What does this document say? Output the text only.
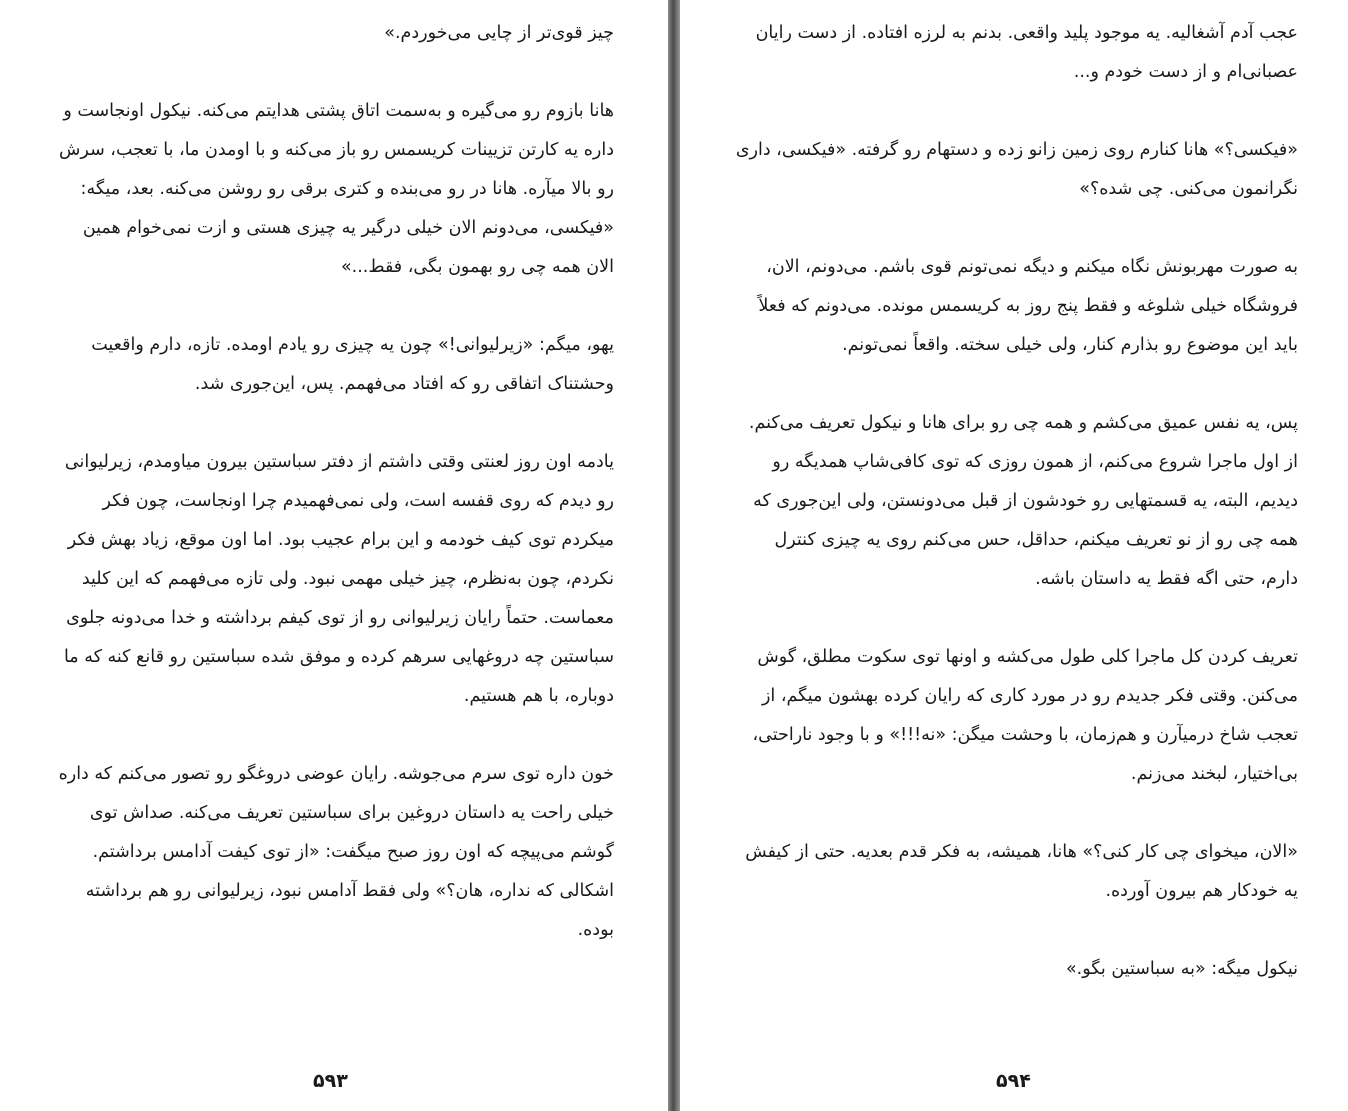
چیز قوی‌تر از چایی می‌خوردم.»

هانا بازوم رو می‌گیره و به‌سمت اتاق پشتی هدایتم می‌کنه. نیکول اونجاست و داره یه کارتن تزیینات کریسمس رو باز می‌کنه و با اومدن ما، با تعجب، سرش رو بالا میآره. هانا در رو می‌بنده و کتری برقی رو روشن می‌کنه. بعد، میگه: «فیکسی، می‌دونم الان خیلی درگیر یه چیزی هستی و ازت نمی‌خوام همین الان همه چی رو بهمون بگی، فقط...»

یهو، میگم: «زیرلیوانی!» چون یه چیزی رو یادم اومده. تازه، دارم واقعیت وحشتناک اتفاقی رو که افتاد می‌فهمم. پس، این‌جوری شد.

یادمه اون روز لعنتی وقتی داشتم از دفتر سباستین بیرون میاومدم، زیرلیوانی رو دیدم که روی قفسه است، ولی نمی‌فهمیدم چرا اونجاست، چون فکر میکردم توی کیف خودمه و این برام عجیب بود. اما اون موقع، زیاد بهش فکر نکردم، چون به‌نظرم، چیز خیلی مهمی نبود. ولی تازه می‌فهمم که این کلید معماست. حتماً رایان زیرلیوانی رو از توی کیفم برداشته و خدا می‌دونه جلوی سباستین چه دروغهایی سرهم کرده و موفق شده سباستین رو قانع کنه که ما دوباره، با هم هستیم.

خون داره توی سرم می‌جوشه. رایان عوضی دروغگو رو تصور می‌کنم که داره خیلی راحت یه داستان دروغین برای سباستین تعریف می‌کنه. صداش توی گوشم می‌پیچه که اون روز صبح میگفت: «از توی کیفت آدامس برداشتم. اشکالی که نداره، هان؟» ولی فقط آدامس نبود، زیرلیوانی رو هم برداشته بوده.

۵۹۳

عجب آدم آشغالیه. یه موجود پلید واقعی. بدنم به لرزه افتاده. از دست رایان عصبانی‌ام و از دست خودم و...

«فیکسی؟» هانا کنارم روی زمین زانو زده و دستهام رو گرفته. «فیکسی، داری نگرانمون می‌کنی. چی شده؟»

به صورت مهربونش نگاه میکنم و دیگه نمی‌تونم قوی باشم. می‌دونم، الان، فروشگاه خیلی شلوغه و فقط پنج روز به کریسمس مونده. می‌دونم که فعلاً باید این موضوع رو بذارم کنار، ولی خیلی سخته. واقعاً نمی‌تونم.

پس، یه نفس عمیق می‌کشم و همه چی رو برای هانا و نیکول تعریف می‌کنم. از اول ماجرا شروع می‌کنم، از همون روزی که توی کافی‌شاپ همدیگه رو دیدیم، البته، یه قسمتهایی رو خودشون از قبل می‌دونستن، ولی این‌جوری که همه چی رو از نو تعریف میکنم، حداقل، حس می‌کنم روی یه چیزی کنترل دارم، حتی اگه فقط یه داستان باشه.

تعریف کردن کل ماجرا کلی طول می‌کشه و اونها توی سکوت مطلق، گوش می‌کنن. وقتی فکر جدیدم رو در مورد کاری که رایان کرده بهشون میگم، از تعجب شاخ درمیآرن و هم‌زمان، با وحشت میگن: «نه!!!» و با وجود ناراحتی، بی‌اختیار، لبخند می‌زنم.

«الان، میخوای چی کار کنی؟» هانا، همیشه، به فکر قدم بعدیه. حتی از کیفش یه خودکار هم بیرون آورده.

نیکول میگه: «به سباستین بگو.»

۵۹۴
